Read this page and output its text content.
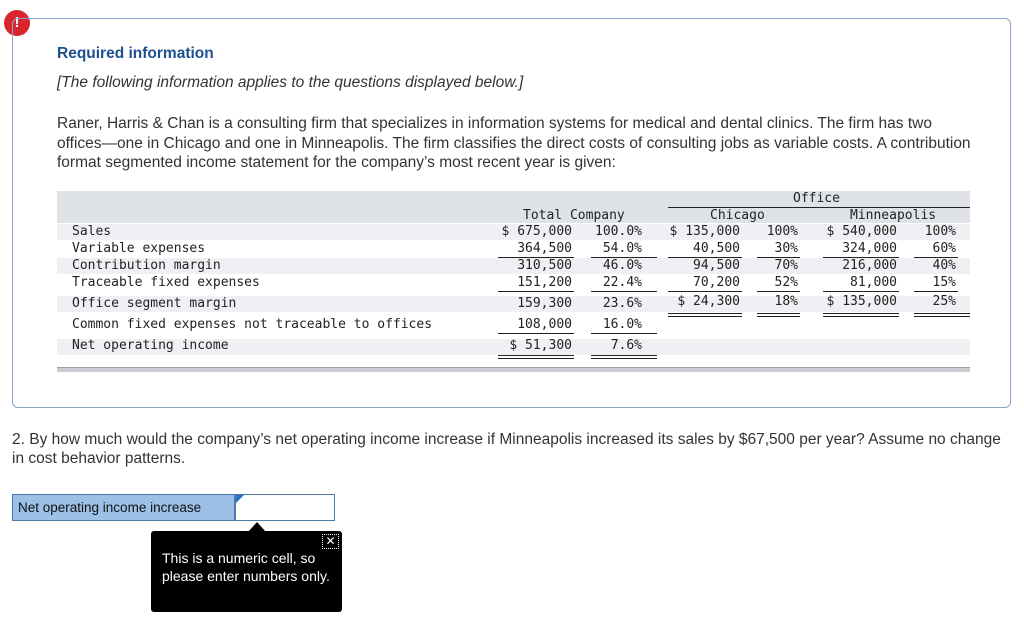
!
Required information
[The following information applies to the questions displayed below.]
Raner, Harris & Chan is a consulting firm that specializes in information systems for medical and dental clinics. The firm has two offices—one in Chicago and one in Minneapolis. The firm classifies the direct costs of consulting jobs as variable costs. A contribution format segmented income statement for the company’s most recent year is given:
Office
Total Company	Chicago	Minneapolis
Sales	$ 675,000	100.0%	$ 135,000	100%	$ 540,000	100%
Variable expenses	364,500	54.0%	40,500	30%	324,000	60%
Contribution margin	310,500	46.0%	94,500	70%	216,000	40%
Traceable fixed expenses	151,200	22.4%	70,200	52%	81,000	15%
Office segment margin	159,300	23.6%	$ 24,300	18%	$ 135,000	25%
Common fixed expenses not traceable to offices	108,000	16.0%
Net operating income	$ 51,300	7.6%
2. By how much would the company’s net operating income increase if Minneapolis increased its sales by $67,500 per year? Assume no change in cost behavior patterns.
Net operating income increase
✕
This is a numeric cell, so please enter numbers only.
